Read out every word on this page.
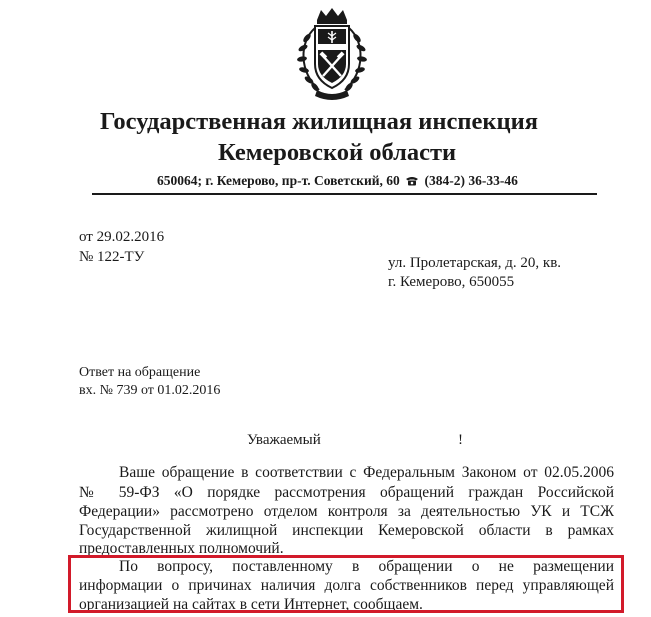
Государственная жилищная инспекция
Кемеровской области
650064; г. Кемерово, пр-т. Советский, 60 (384-2) 36-33-46
от 29.02.2016
№ 122-ТУ	ул. Пролетарская, д. 20, кв.
г. Кемерово, 650055
Ответ на обращение
вх. № 739 от 01.02.2016
Уважаемый	!
Ваше обращение в соответствии с Федеральным Законом от 02.05.2006
№ 59-ФЗ «О порядке рассмотрения обращений граждан Российской
Федерации» рассмотрено отделом контроля за деятельностью УК и ТСЖ
Государственной жилищной инспекции Кемеровской области в рамках
предоставленных полномочий.
По вопросу, поставленному в обращении о не размещении
информации о причинах наличия долга собственников перед управляющей
организацией на сайтах в сети Интернет, сообщаем.
